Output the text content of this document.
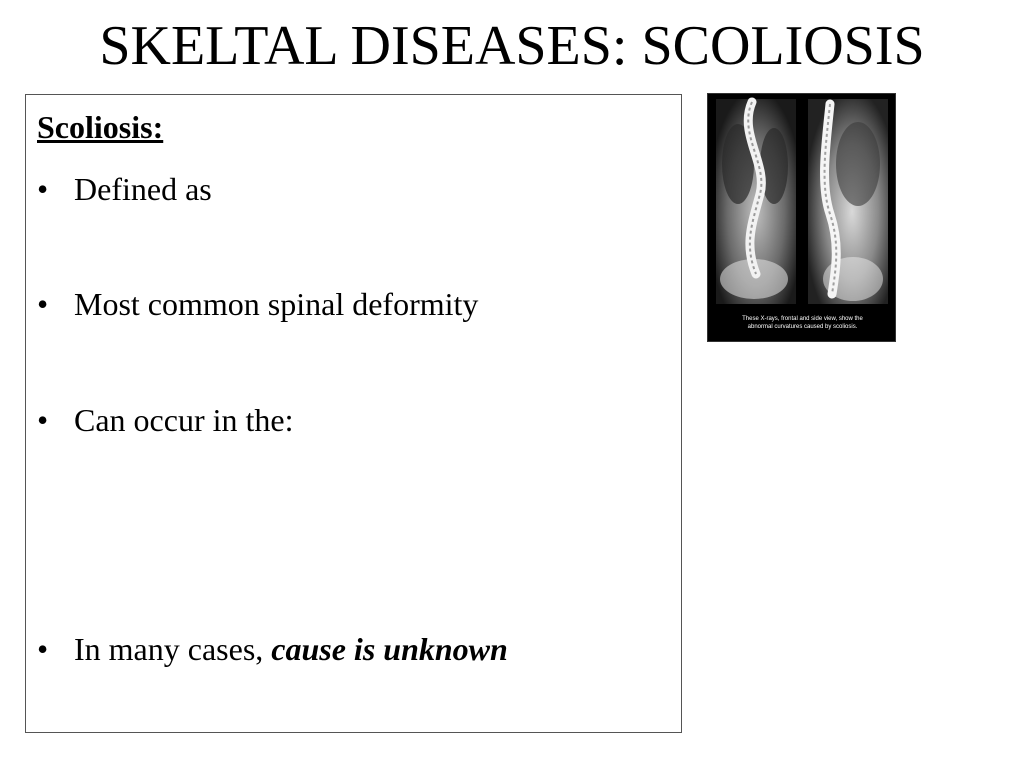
SKELTAL DISEASES: SCOLIOSIS
Scoliosis:
• Defined as
• Most common spinal deformity
• Can occur in the:
• In many cases, cause is unknown
These X-rays, frontal and side view, show the
abnormal curvatures caused by scoliosis.
